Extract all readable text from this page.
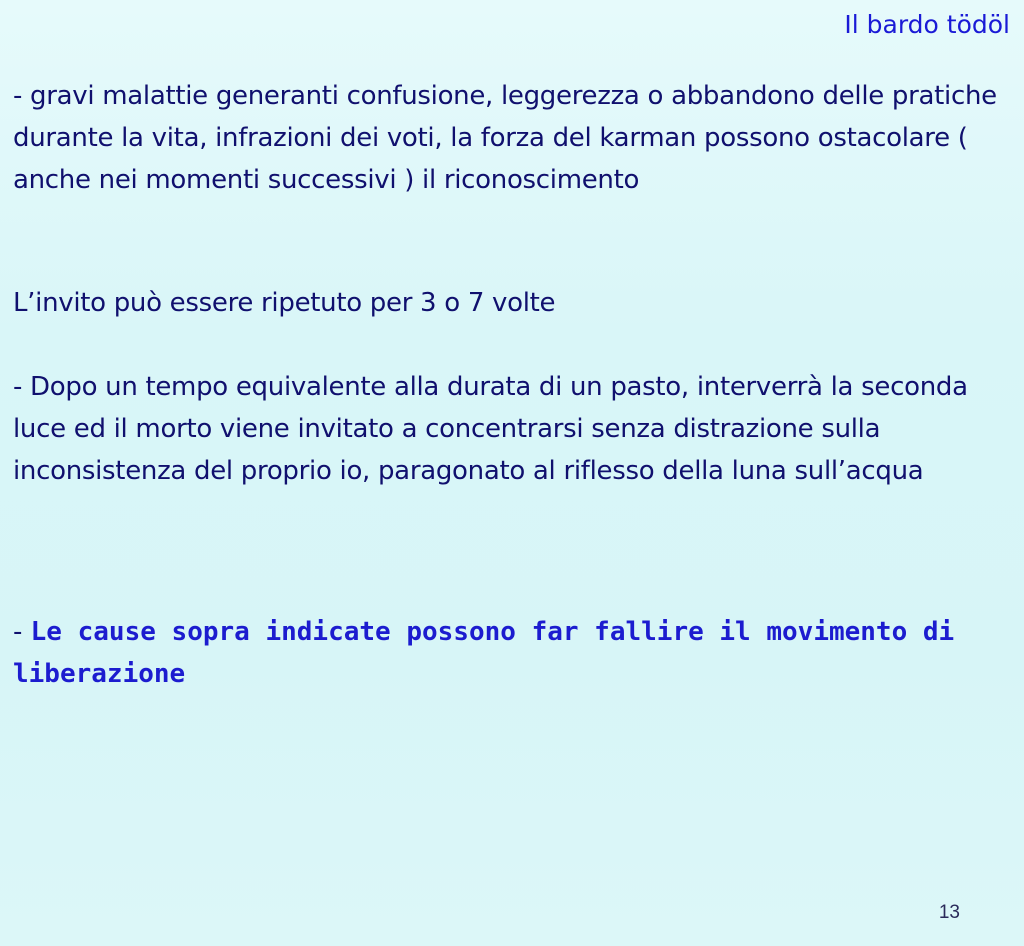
Il bardo tödöl

- gravi malattie generanti confusione, leggerezza o abbandono delle pratiche durante la vita, infrazioni dei voti, la forza del karman possono ostacolare ( anche nei momenti successivi ) il riconoscimento

L’invito può essere ripetuto per 3 o 7 volte

- Dopo un tempo equivalente alla durata di un pasto, interverrà la seconda luce ed il morto viene invitato a concentrarsi senza distrazione sulla inconsistenza del proprio io, paragonato al riflesso della luna sull’acqua

- Le cause sopra indicate possono far fallire il movimento di liberazione

13
